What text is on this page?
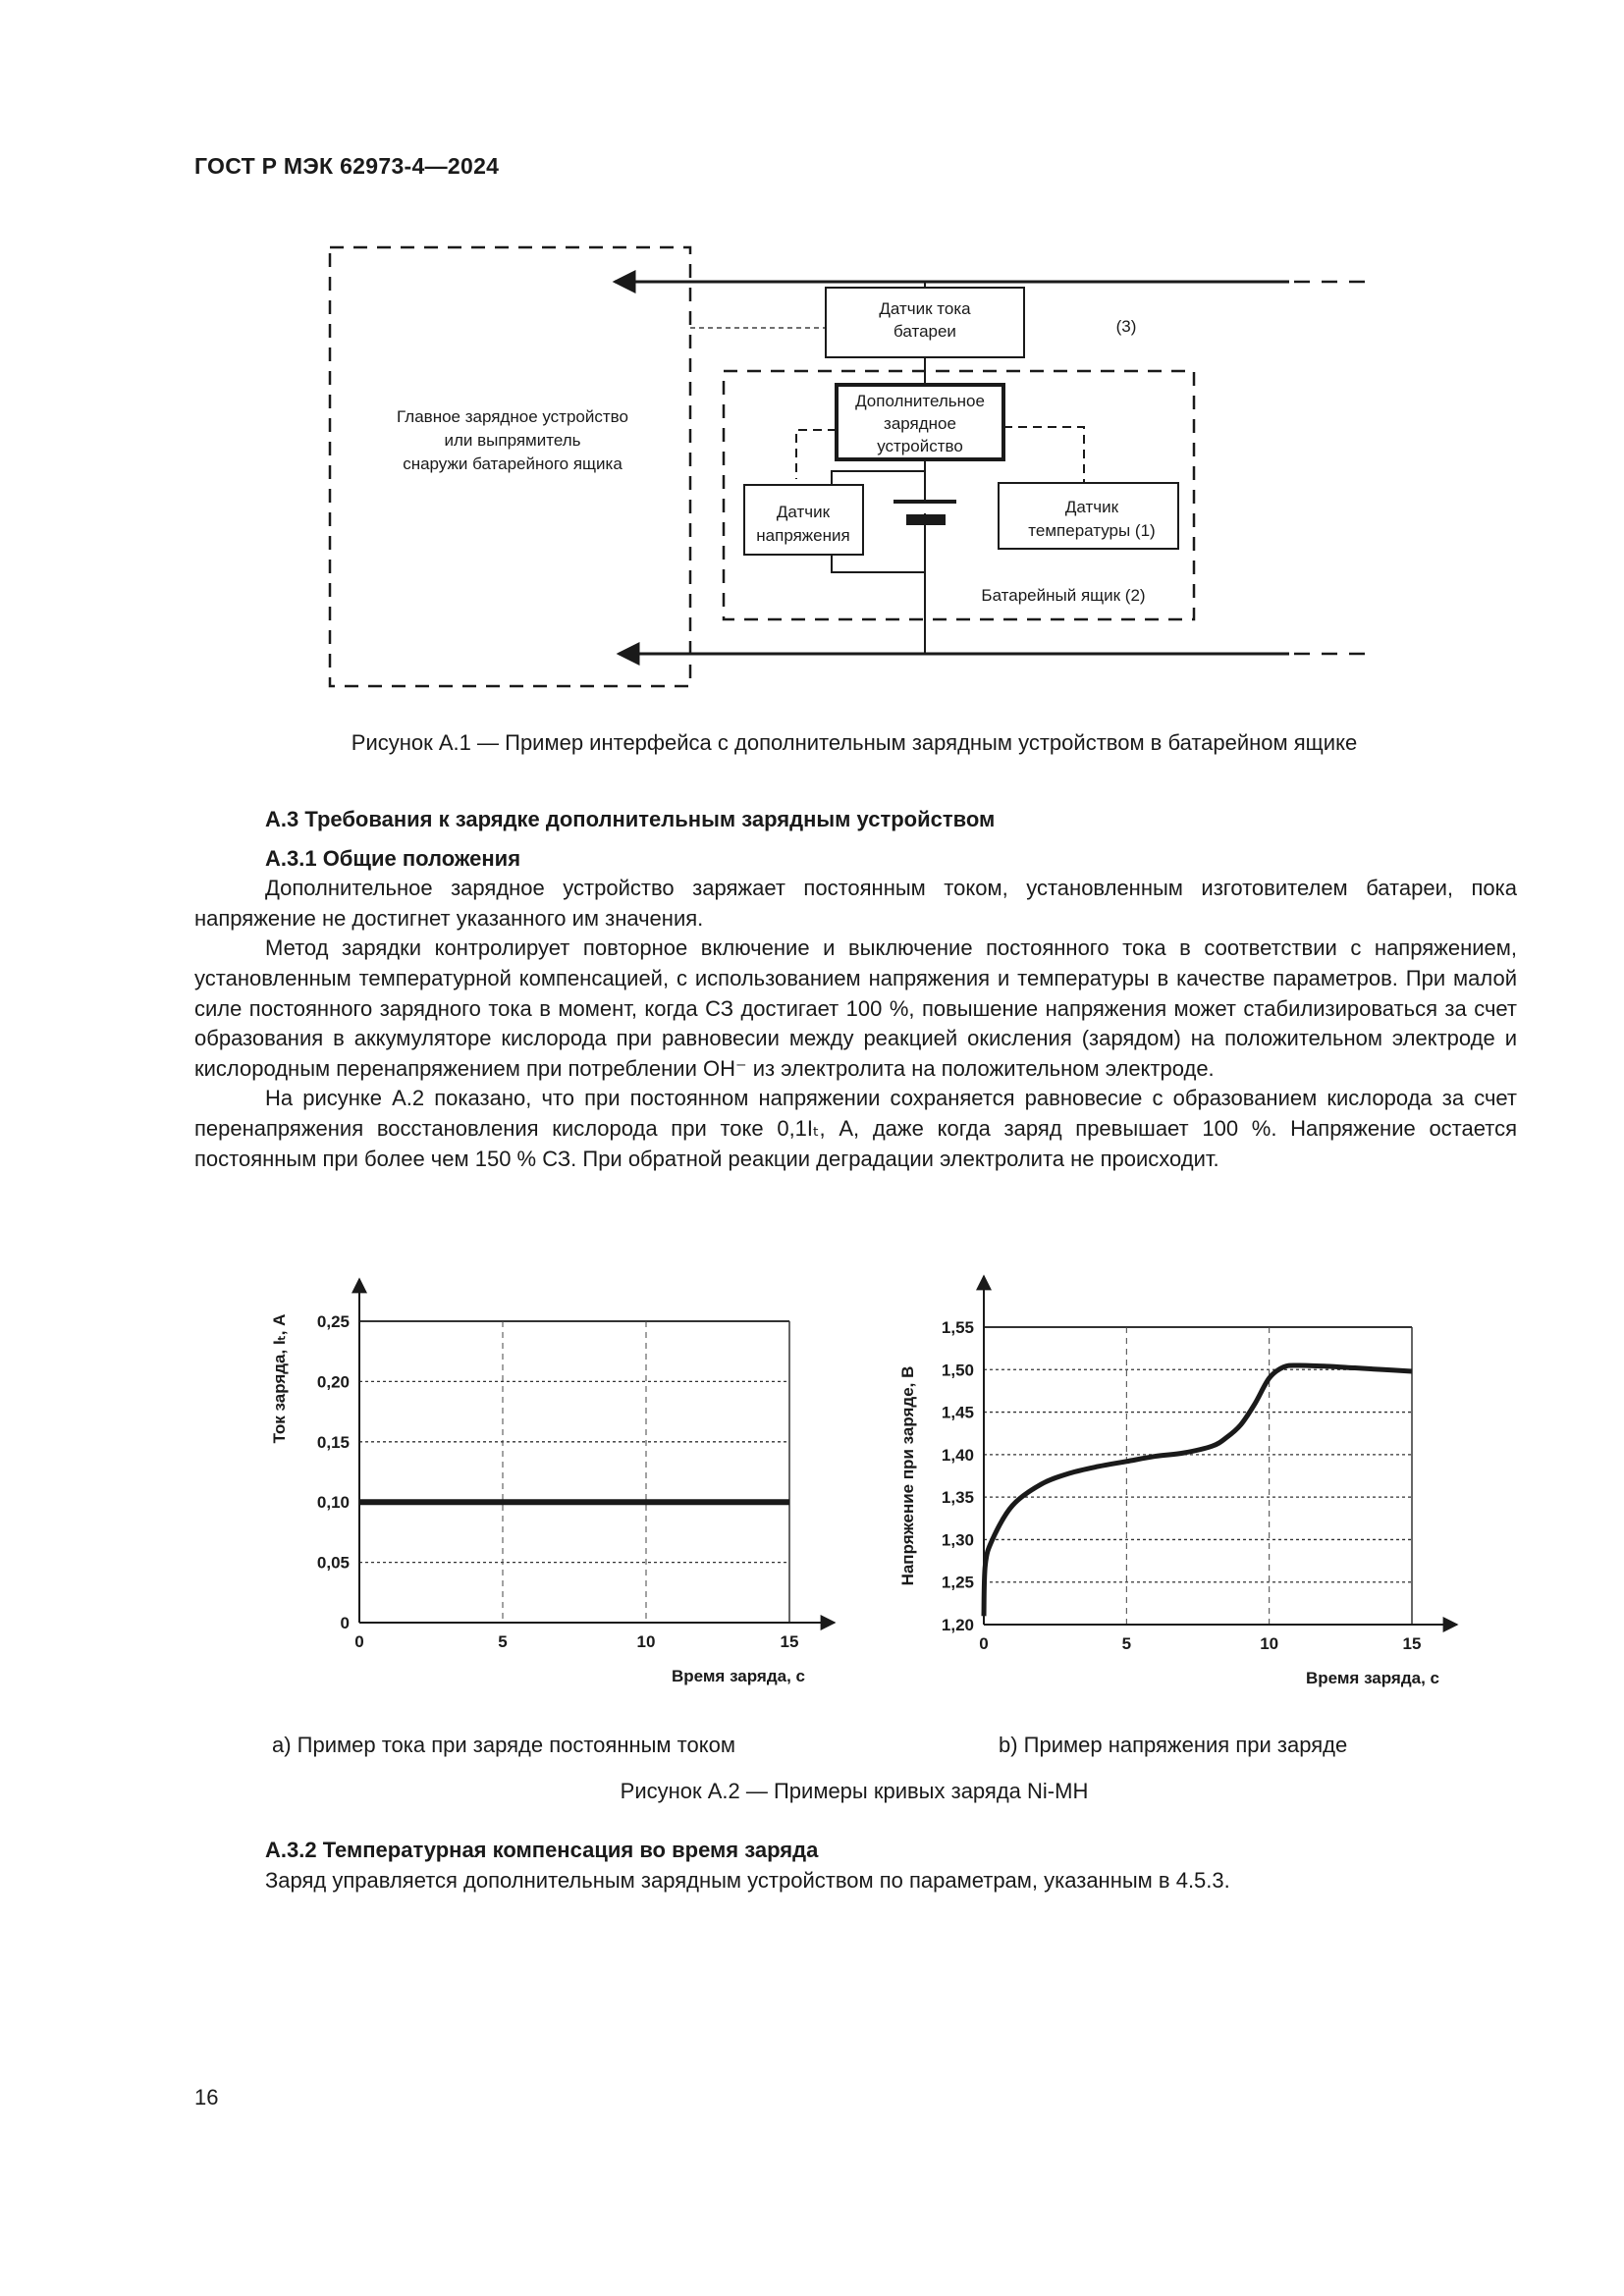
ГОСТ Р МЭК 62973-4—2024
Главное зарядное устройство
или выпрямитель
снаружи батарейного ящика
Датчик тока
батареи	(3)
Дополнительное
зарядное
устройство
Датчик
напряжения
Датчик
температуры (1)
Батарейный ящик (2)
0
0,05
0,10
0,15
0,20
0,25
0	5	10	15
Время заряда, с
Ток заряда, Iₜ, А
1,20
1,25
1,30
1,35
1,40
1,45
1,50
1,55
0	5	10	15
Время заряда, с
Напряжение при заряде, В
Рисунок А.1 — Пример интерфейса с дополнительным зарядным устройством в батарейном ящике
А.3 Требования к зарядке дополнительным зарядным устройством
А.3.1 Общие положения

Дополнительное зарядное устройство заряжает постоянным током, установленным изготовителем батареи, пока напряжение не достигнет указанного им значения.

Метод зарядки контролирует повторное включение и выключение постоянного тока в соответствии с напряжением, установленным температурной компенсацией, с использованием напряжения и температуры в качестве параметров. При малой силе постоянного зарядного тока в момент, когда СЗ достигает 100 %, повышение напряжения может стабилизироваться за счет образования в аккумуляторе кислорода при равновесии между реакцией окисления (зарядом) на положительном электроде и кислородным перенапряжением при потреблении OH⁻ из электролита на положительном электроде.

На рисунке А.2 показано, что при постоянном напряжении сохраняется равновесие с образованием кислорода за счет перенапряжения восстановления кислорода при токе 0,1Iₜ, А, даже когда заряд превышает 100 %. Напряжение остается постоянным при более чем 150 % СЗ. При обратной реакции деградации электролита не происходит.

а) Пример тока при заряде постоянным током	b) Пример напряжения при заряде
Рисунок А.2 — Примеры кривых заряда Ni-MH
А.3.2 Температурная компенсация во время заряда

Заряд управляется дополнительным зарядным устройством по параметрам, указанным в 4.5.3.

16
